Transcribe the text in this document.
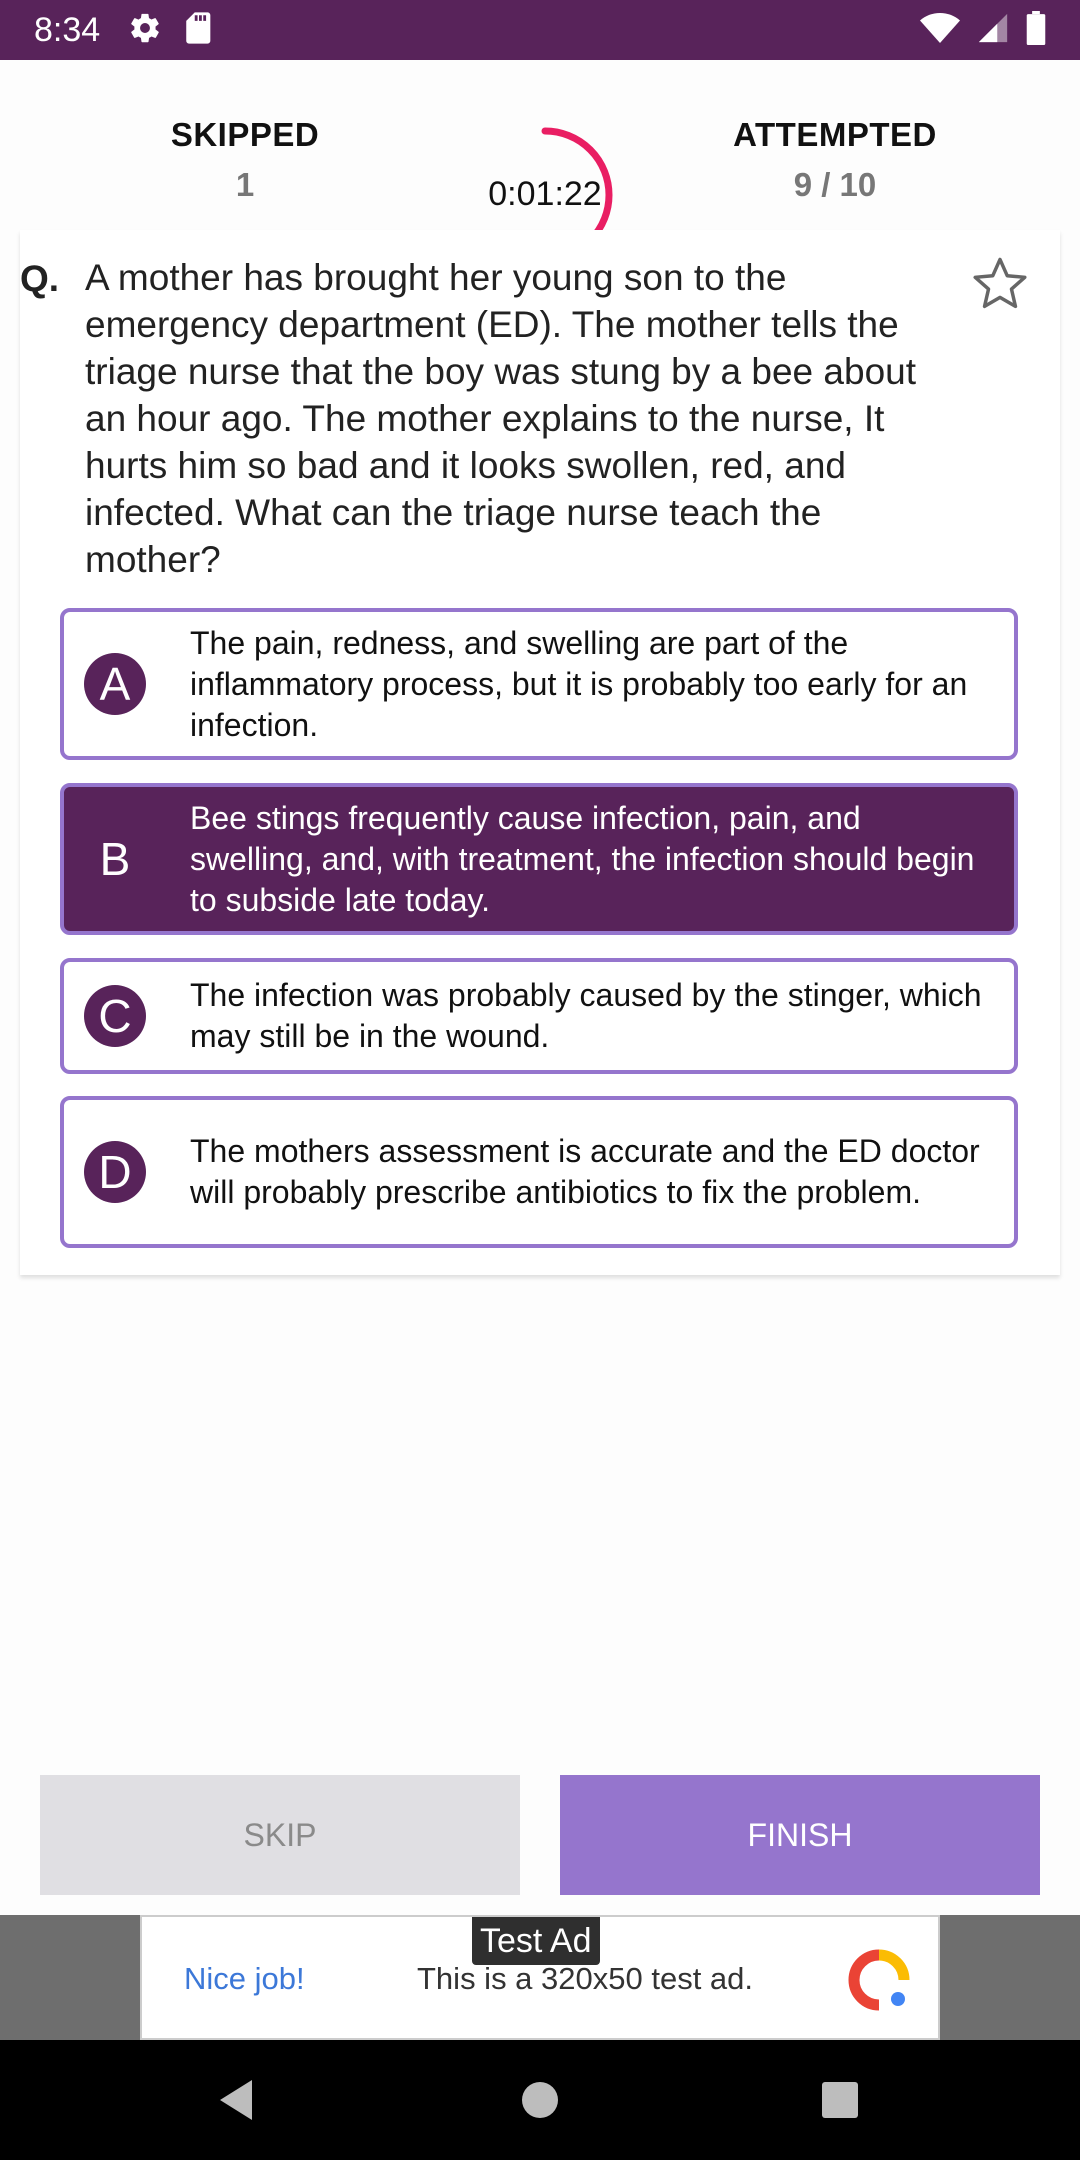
8:34
SKIPPED
1	0:01:22
ATTEMPTED
9 / 10
Q. A mother has brought her young son to the emergency department (ED). The mother tells the triage nurse that the boy was stung by a bee about an hour ago. The mother explains to the nurse, It hurts him so bad and it looks swollen, red, and infected. What can the triage nurse teach the mother?
A
The pain, redness, and swelling are part of the inflammatory process, but it is probably too early for an infection.
B
Bee stings frequently cause infection, pain, and swelling, and, with treatment, the infection should begin to subside late today.
C	The infection was probably caused by the stinger, which may still be in the wound.
D	The mothers assessment is accurate and the ED doctor will probably prescribe antibiotics to fix the problem.
SKIP	FINISH
Test Ad
Nice job!	This is a 320x50 test ad.
